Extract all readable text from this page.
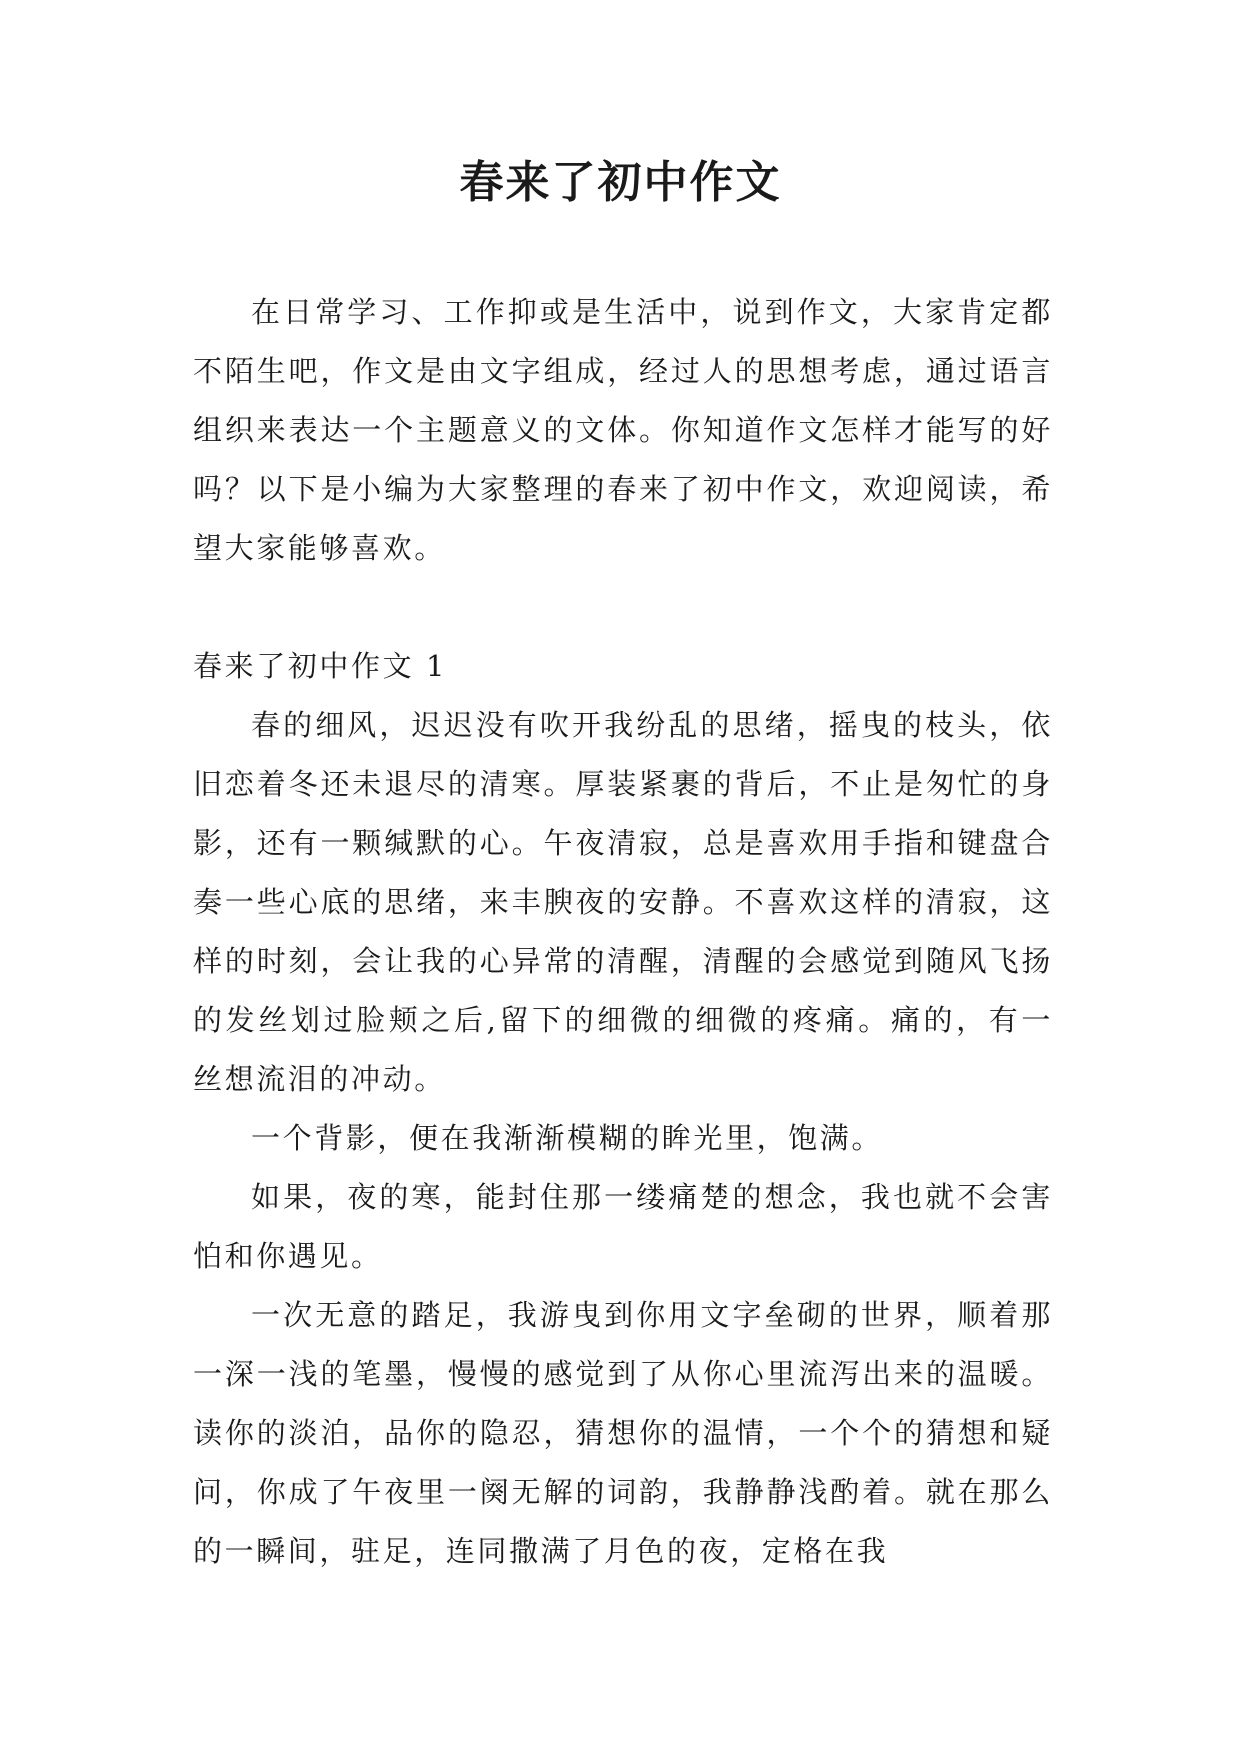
春来了初中作文

在日常学习、工作抑或是生活中，说到作文，大家肯定都不陌生吧，作文是由文字组成，经过人的思想考虑，通过语言组织来表达一个主题意义的文体。你知道作文怎样才能写的好吗？以下是小编为大家整理的春来了初中作文，欢迎阅读，希望大家能够喜欢。

春来了初中作文 1

春的细风，迟迟没有吹开我纷乱的思绪，摇曳的枝头，依旧恋着冬还未退尽的清寒。厚装紧裹的背后，不止是匆忙的身影，还有一颗缄默的心。午夜清寂，总是喜欢用手指和键盘合奏一些心底的思绪，来丰腴夜的安静。不喜欢这样的清寂，这样的时刻，会让我的心异常的清醒，清醒的会感觉到随风飞扬的发丝划过脸颊之后,留下的细微的细微的疼痛。痛的，有一丝想流泪的冲动。

一个背影，便在我渐渐模糊的眸光里，饱满。

如果，夜的寒，能封住那一缕痛楚的想念，我也就不会害怕和你遇见。

一次无意的踏足，我游曳到你用文字垒砌的世界，顺着那一深一浅的笔墨，慢慢的感觉到了从你心里流泻出来的温暖。读你的淡泊，品你的隐忍，猜想你的温情，一个个的猜想和疑问，你成了午夜里一阕无解的词韵，我静静浅酌着。就在那么的一瞬间，驻足，连同撒满了月色的夜，定格在我
